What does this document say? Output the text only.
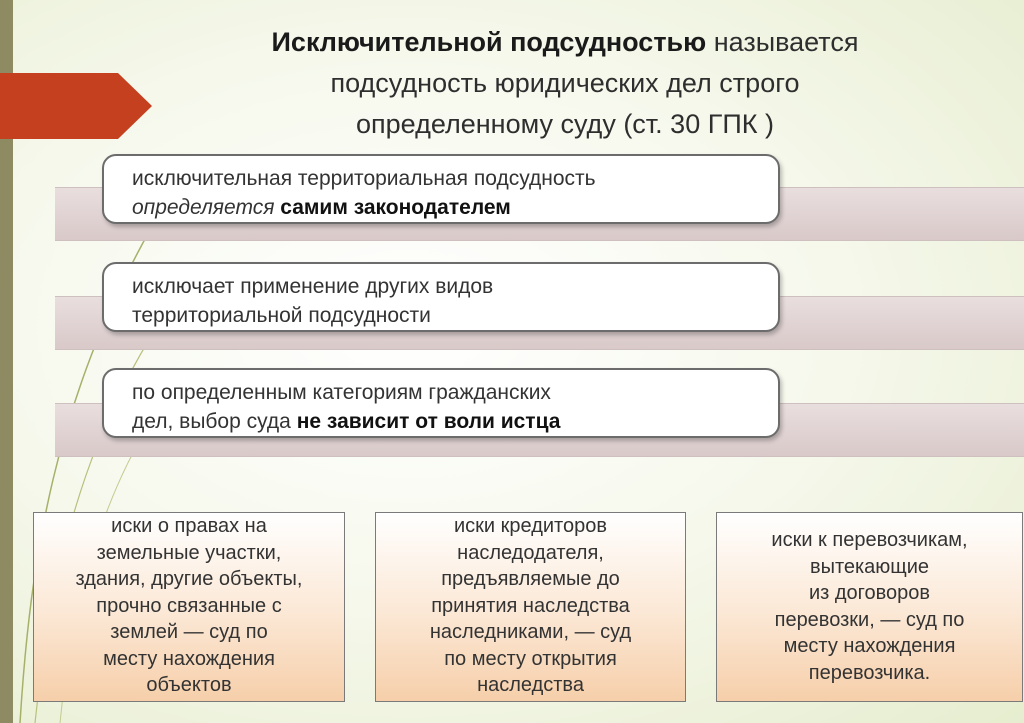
Исключительной подсудностью называется
подсудность юридических дел строго
определенному суду (ст. 30 ГПК )
исключительная территориальная подсудность
определяется самим законодателем
исключает применение других видов
территориальной подсудности
по определенным категориям гражданских
дел, выбор суда не зависит от воли истца
иски о правах на
земельные участки,
здания, другие объекты,
прочно связанные с
землей — суд по
месту нахождения
объектов
иски кредиторов
наследодателя,
предъявляемые до
принятия наследства
наследниками, — суд
по месту открытия
наследства
иски к перевозчикам,
вытекающие
из договоров
перевозки, — суд по
месту нахождения
перевозчика.
